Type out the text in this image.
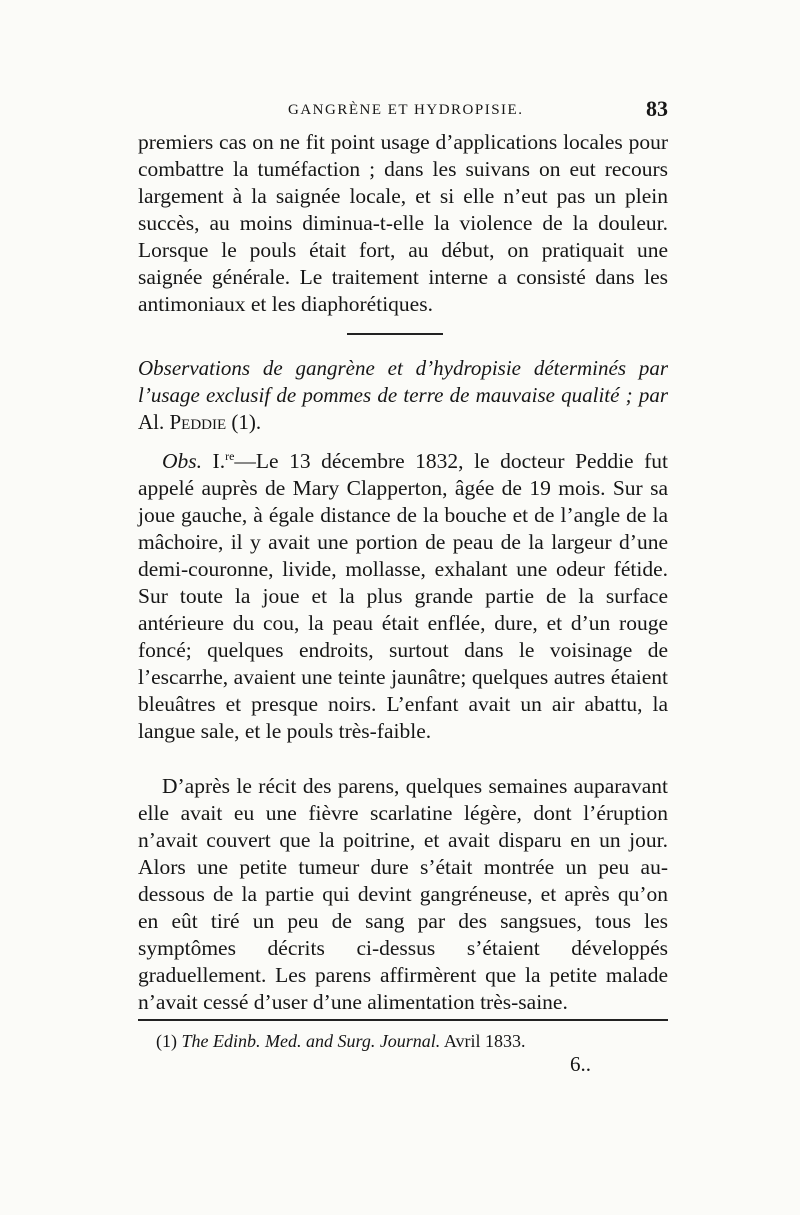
GANGRÈNE ET HYDROPISIE.	83

premiers cas on ne fit point usage d’applications locales pour combattre la tuméfaction ; dans les suivans on eut recours largement à la saignée locale, et si elle n’eut pas un plein succès, au moins diminua-t-elle la violence de la douleur. Lorsque le pouls était fort, au début, on pratiquait une saignée générale. Le traitement interne a consisté dans les antimoniaux et les diaphorétiques.

Observations de gangrène et d’hydropisie déterminés par l’usage exclusif de pommes de terre de mauvaise qualité ; par Al. Peddie (1).

Obs. I.$^{re}$—Le 13 décembre 1832, le docteur Peddie fut appelé auprès de Mary Clapperton, âgée de 19 mois. Sur sa joue gauche, à égale distance de la bouche et de l’angle de la mâchoire, il y avait une portion de peau de la largeur d’une demi-couronne, livide, mollasse, exhalant une odeur fétide. Sur toute la joue et la plus grande partie de la surface antérieure du cou, la peau était enflée, dure, et d’un rouge foncé; quelques endroits, surtout dans le voisinage de l’escarrhe, avaient une teinte jaunâtre; quelques autres étaient bleuâtres et presque noirs. L’enfant avait un air abattu, la langue sale, et le pouls très-faible.

D’après le récit des parens, quelques semaines auparavant elle avait eu une fièvre scarlatine légère, dont l’éruption n’avait couvert que la poitrine, et avait disparu en un jour. Alors une petite tumeur dure s’était montrée un peu au-dessous de la partie qui devint gangréneuse, et après qu’on en eût tiré un peu de sang par des sangsues, tous les symptômes décrits ci-dessus s’étaient développés graduellement. Les parens affirmèrent que la petite malade n’avait cessé d’user d’une alimentation très-saine.

(1) The Edinb. Med. and Surg. Journal. Avril 1833.

6..
